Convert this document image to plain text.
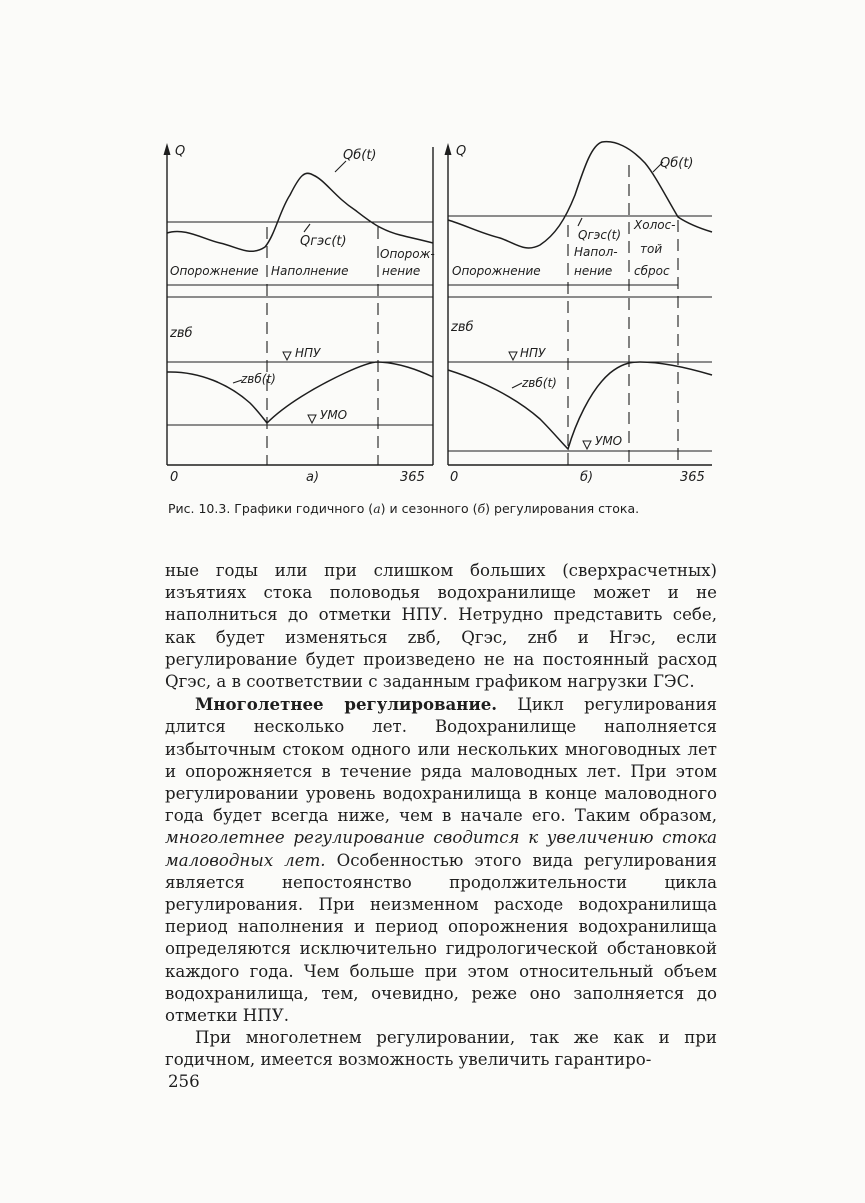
Q	Qб(t)
Qгэс(t)
Опорожнение Наполнение
Опорож-
нение
zвб
НПУ
УМО
zвб(t)
0	а)	365
Q
Qб(t)
Qгэс(t)
Опорожнение
Напол-
нение
Холос-
той
сброс
zвб
НПУ
УМО
zвб(t)
0	б)	365
Рис. 10.3. Графики годичного (а) и сезонного (б) регулирования стока.

ные годы или при слишком больших (сверхрасчетных) изъятиях стока половодья водохранилище может и не наполниться до отметки НПУ. Нетрудно представить себе, как будет изменяться zвб, Qгэс, zнб и Hгэс, если регулирование будет произведено не на постоянный расход Qгэс, а в соответствии с заданным графиком нагрузки ГЭС.

Многолетнее регулирование. Цикл регулирования длится несколько лет. Водохранилище наполняется избыточным стоком одного или нескольких многоводных лет и опорожняется в течение ряда маловодных лет. При этом регулировании уровень водохранилища в конце маловодного года будет всегда ниже, чем в начале его. Таким образом, многолетнее регулирование сводится к увеличению стока маловодных лет. Особенностью этого вида регулирования является непостоянство продолжительности цикла регулирования. При неизменном расходе водохранилища период наполнения и период опорожнения водохранилища определяются исключительно гидрологической обстановкой каждого года. Чем больше при этом относительный объем водохранилища, тем, очевидно, реже оно заполняется до отметки НПУ.

При многолетнем регулировании, так же как и при годичном, имеется возможность увеличить гарантиро-

256
